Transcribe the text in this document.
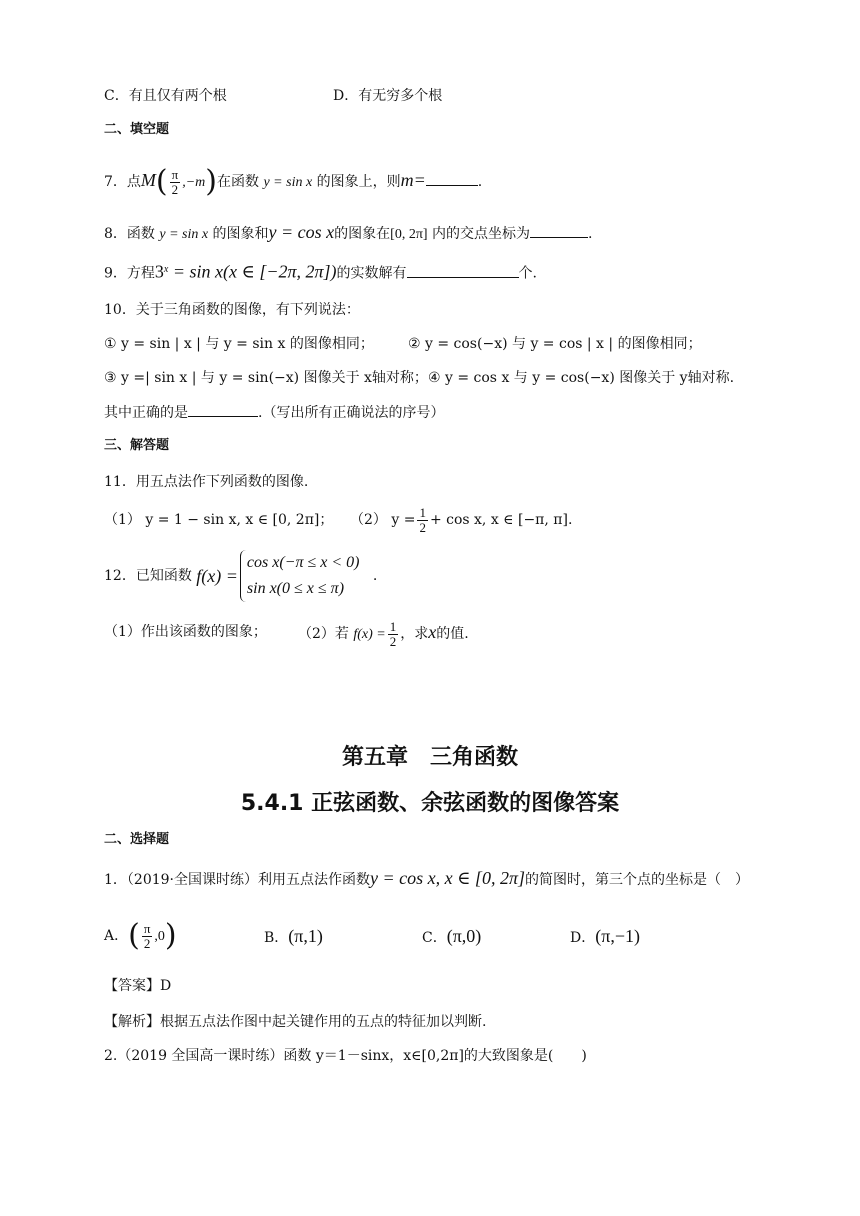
C．有且仅有两个根	D．有无穷多个根
二、填空题
7．点$M( \frac{\pi}{2} ,-m)$在函数 y = sin x 的图象上，则m=	.
8．函数 y = sin x 的图象和y = cos x的图象在[0, 2π] 内的交点坐标为	.
9．方程$3^x = \sin x(x$ ∈ [−2π, 2π])的实数解有	个.
10．关于三角函数的图像，有下列说法：
① y = sin | x | 与 y = sin x 的图像相同； ② y = cos(−x) 与 y = cos | x | 的图像相同；
③ y =| sin x | 与 y = sin(−x) 图像关于 x轴对称； ④ y = cos x 与 y = cos(−x) 图像关于 y轴对称.
其中正确的是	.（写出所有正确说法的序号）
三、解答题
11．用五点法作下列函数的图像.
（1） y = 1 − sin x, x ∈ [0, 2π]； （2） $y = \frac{1}{2} + \cos x$, x ∈ [−π, π].
12．已知函数
f(x) =
cos x(−π ≤ x < 0)
sin x(0 ≤ x ≤ π)
.
（1）作出该函数的图象； （2）若 $f(x) = \frac{1}{2}$ ，求x的值.
第五章　三角函数
5.4.1 正弦函数、余弦函数的图像答案
二、选择题
1．（2019·全国课时练）利用五点法作函数y = cos x, x ∈ [0, 2π]的简图时，第三个点的坐标是（　）
A．( $\frac{\pi}{2} ,0$)	B．(π,1)	C．(π,0)	D．(π,−1)
【答案】D
【解析】根据五点法作图中起关键作用的五点的特征加以判断.
2.（2019 全国高一课时练）函数 y＝1－sinx，x∈[0,2π]的大致图象是(　　)
